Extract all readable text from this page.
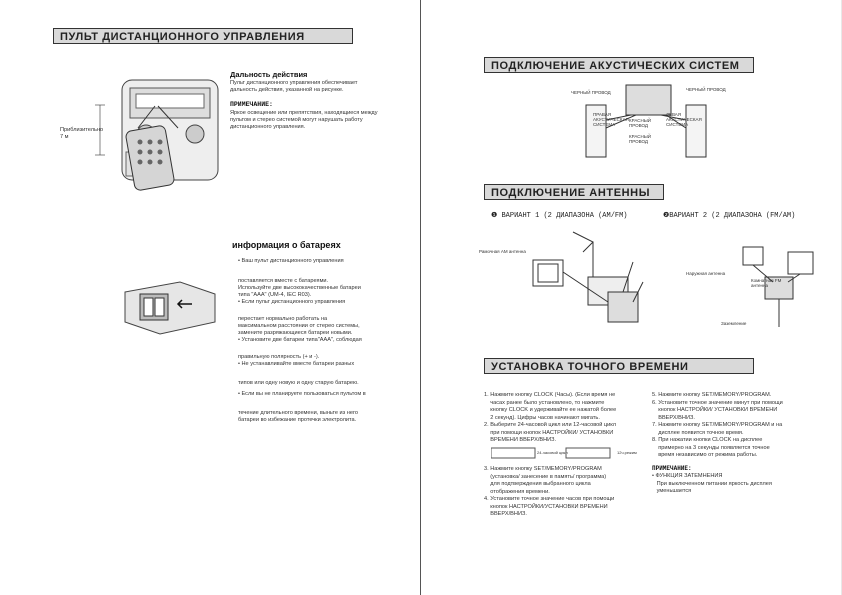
ПУЛЬТ ДИСТАНЦИОННОГО УПРАВЛЕНИЯ
Приблизительно 7 м
Дальность действия
Пульт дистанционного управления обеспечивает дальность действия, указанной на рисунке.
ПРИМЕЧАНИЕ:
Яркое освещение или препятствия, находящиеся между пультом и стерео системой могут нарушать работу дистанционного управления.
информация о батареях
• Ваш пульт дистанционного управления
поставляется вместе с батареями.
Используйте две высококачественные батареи
типа "AAA" (UM-4, IEC R03).
• Если пульт дистанционного управления
перестает нормально работать на
максимальном расстоянии от стерео системы,
замените разряжающиеся батареи новыми.
• Установите две батареи типа"AAA", соблюдая
правильную полярность (+ и -).
• Не устанавливайте вместе батареи разных
типов или одну новую и одну старую батарею.
• Если вы не планируете пользоваться пультом в
течение длительного времени, выньте из него
батареи во избежание протечки электролита.
ПОДКЛЮЧЕНИЕ АКУСТИЧЕСКИХ СИСТЕМ
ЧЕРНЫЙ ПРОВОД
ЧЕРНЫЙ ПРОВОД
ПРАВАЯ АКУСТИЧЕСКАЯ СИСТЕМА
ЛЕВАЯ АКУСТИЧЕСКАЯ СИСТЕМА
КРАСНЫЙ ПРОВОД
КРАСНЫЙ ПРОВОД
ПОДКЛЮЧЕНИЕ АНТЕННЫ
❶ ВАРИАНТ 1 (2 ДИАПАЗОНА (AM/FM)	❷ВАРИАНТ 2 (2 ДИАПАЗОНА (FM/AM)
Рамочная AM антенна
Наружная антенна
Комнатная FM антенна
Заземление
УСТАНОВКА ТОЧНОГО ВРЕМЕНИ
1. Нажмите кнопку CLOCK (Часы). (Если время не
часах ранее было установлено, то нажмите
кнопку CLOCK и удерживайте ее нажатой более
2 секунд). Цифры часов начинают мигать.
2. Выберите 24-часовой цикл или 12-часовой цикл
при помощи кнопок НАСТРОЙКИ/ УСТАНОВКИ
ВРЕМЕНИ ВВЕРХ/ВНИЗ.
24-часовой цикл	12ч.режим
3. Нажмите кнопку SET/MEMORY/PROGRAM
(установка/ занесение в память/ программа)
для подтверждения выбранного цикла
отображения времени.
4. Установите точное значение часов при помощи
кнопок НАСТРОЙКИ/УСТАНОВКИ ВРЕМЕНИ
ВВЕРХ/ВНИЗ.
5. Нажмите кнопку SET/MEMORY/PROGRAM.
6. Установите точное значение минут при помощи
кнопок НАСТРОЙКИ/ УСТАНОВКИ ВРЕМЕНИ
ВВЕРХ/ВНИЗ.
7. Нажмите кнопку SET/MEMORY/PROGRAM и на
дисплее появится точное время.
8. При нажатии кнопки CLOCK на дисплее
примерно на 3 секунды появляется точное
время независимо от режима работы.
ПРИМЕЧАНИЕ:
• ФУНКЦИЯ ЗАТЕМНЕНИЯ
При выключенном питании яркость дисплея
уменьшается
